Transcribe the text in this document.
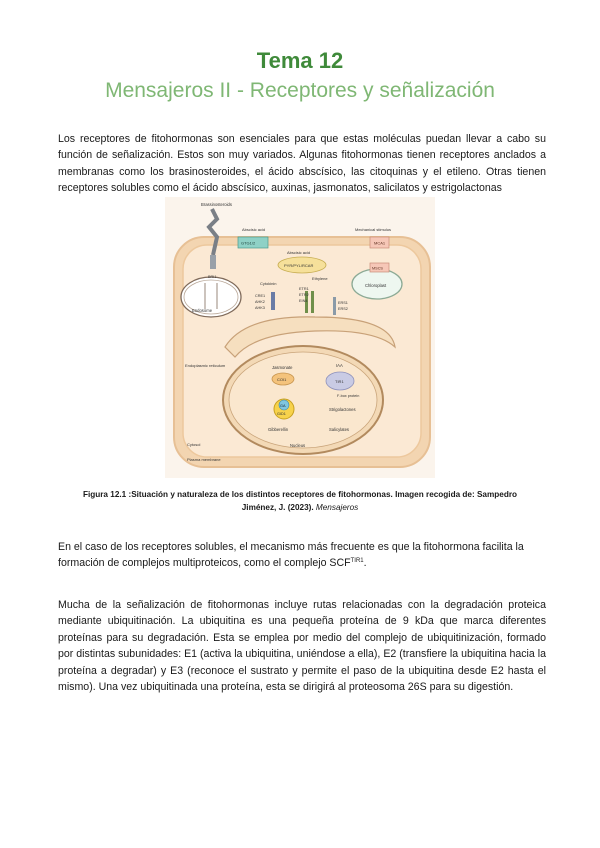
Tema 12
Mensajeros II - Receptores y señalización

Los receptores de fitohormonas son esenciales para que estas moléculas puedan llevar a cabo su función de señalización. Estos son muy variados. Algunas fitohormonas tienen receptores anclados a membranas como los brasinosteroides, el ácido abscísico, las citoquinas y el etileno. Otras tienen receptores solubles como el ácido abscísico, auxinas, jasmonatos, salicilatos y estrigolactonas

Brassinosteroids
BRI1
Abscisic acid
GTG1/2
Mechanical stimulus
MCA1
Abscisic acid
PYR/PYL/RCAR
MSCS
Chloroplast
Endosome
Cytokinin
CRE1
AHK2
AHK3
Ethylene
ETR1
ETR2
EIN4	ERS1
ERS2
Endoplasmic reticulum	Jasmonate	IAA
COI1	TIR1
F-box protein
GA
GID1
Strigolactones
Gibberellin	Salicylates
Nucleus
Cytosol
Plasma membrane
Figura 12.1 :Situación y naturaleza de los distintos receptores de fitohormonas. Imagen recogida de: Sampedro Jiménez, J. (2023). Mensajeros

En el caso de los receptores solubles, el mecanismo más frecuente es que la fitohormona facilita la formación de complejos multiproteicos, como el complejo $SCF^{TIR1}$.

Mucha de la señalización de fitohormonas incluye rutas relacionadas con la degradación proteica mediante ubiquitinación. La ubiquitina es una pequeña proteína de 9 kDa que marca diferentes proteínas para su degradación. Esta se emplea por medio del complejo de ubiquitinización, formado por distintas subunidades: E1 (activa la ubiquitina, uniéndose a ella), E2 (transfiere la ubiquitina hacia la proteína a degradar) y E3 (reconoce el sustrato y permite el paso de la ubiquitina desde E2 hasta el mismo). Una vez ubiquitinada una proteína, esta se dirigirá al proteosoma 26S para su digestión.
